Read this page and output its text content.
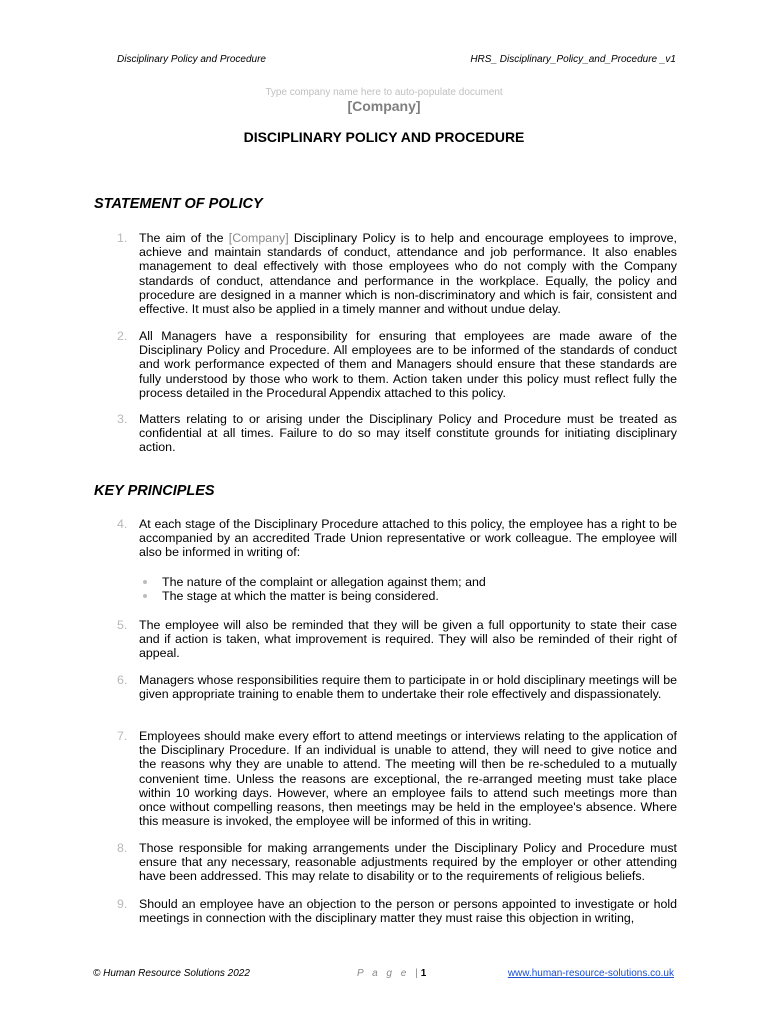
Disciplinary Policy and Procedure	HRS_ Disciplinary_Policy_and_Procedure _v1
Type company name here to auto-populate document
[Company]
DISCIPLINARY POLICY AND PROCEDURE
STATEMENT OF POLICY
1. The aim of the [Company] Disciplinary Policy is to help and encourage employees to improve, achieve and maintain standards of conduct, attendance and job performance. It also enables management to deal effectively with those employees who do not comply with the Company standards of conduct, attendance and performance in the workplace. Equally, the policy and procedure are designed in a manner which is non-discriminatory and which is fair, consistent and effective. It must also be applied in a timely manner and without undue delay.
2. All Managers have a responsibility for ensuring that employees are made aware of the Disciplinary Policy and Procedure. All employees are to be informed of the standards of conduct and work performance expected of them and Managers should ensure that these standards are fully understood by those who work to them. Action taken under this policy must reflect fully the process detailed in the Procedural Appendix attached to this policy.
3. Matters relating to or arising under the Disciplinary Policy and Procedure must be treated as confidential at all times. Failure to do so may itself constitute grounds for initiating disciplinary action.
KEY PRINCIPLES
4. At each stage of the Disciplinary Procedure attached to this policy, the employee has a right to be accompanied by an accredited Trade Union representative or work colleague. The employee will also be informed in writing of:
The nature of the complaint or allegation against them; and
The stage at which the matter is being considered.
5. The employee will also be reminded that they will be given a full opportunity to state their case and if action is taken, what improvement is required. They will also be reminded of their right of appeal.
6. Managers whose responsibilities require them to participate in or hold disciplinary meetings will be given appropriate training to enable them to undertake their role effectively and dispassionately.
7. Employees should make every effort to attend meetings or interviews relating to the application of the Disciplinary Procedure. If an individual is unable to attend, they will need to give notice and the reasons why they are unable to attend. The meeting will then be re-scheduled to a mutually convenient time. Unless the reasons are exceptional, the re-arranged meeting must take place within 10 working days. However, where an employee fails to attend such meetings more than once without compelling reasons, then meetings may be held in the employee's absence. Where this measure is invoked, the employee will be informed of this in writing.
8. Those responsible for making arrangements under the Disciplinary Policy and Procedure must ensure that any necessary, reasonable adjustments required by the employer or other attending have been addressed. This may relate to disability or to the requirements of religious beliefs.
9. Should an employee have an objection to the person or persons appointed to investigate or hold meetings in connection with the disciplinary matter they must raise this objection in writing,
© Human Resource Solutions 2022	P a g e |1	www.human-resource-solutions.co.uk
